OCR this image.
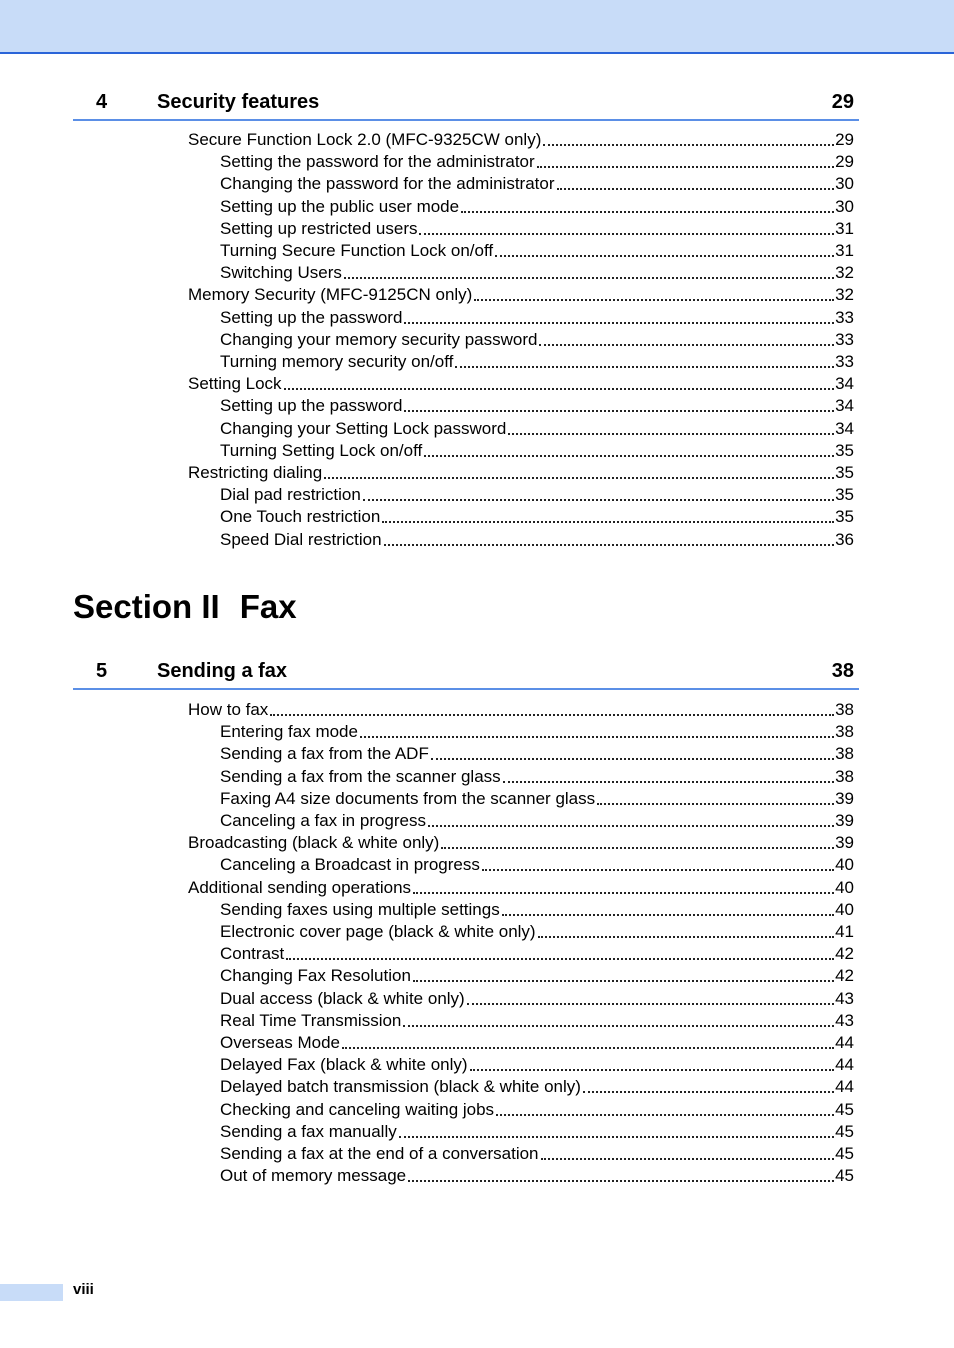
4 Security features	29
Secure Function Lock 2.0 (MFC-9325CW only)	29
Setting the password for the administrator	29
Changing the password for the administrator	30
Setting up the public user mode	30
Setting up restricted users	31
Turning Secure Function Lock on/off	31
Switching Users	32
Memory Security (MFC-9125CN only)	32
Setting up the password	33
Changing your memory security password	33
Turning memory security on/off	33
Setting Lock	34
Setting up the password	34
Changing your Setting Lock password	34
Turning Setting Lock on/off	35
Restricting dialing	35
Dial pad restriction	35
One Touch restriction	35
Speed Dial restriction	36
Section II Fax
5 Sending a fax	38
How to fax	38
Entering fax mode	38
Sending a fax from the ADF	38
Sending a fax from the scanner glass	38
Faxing A4 size documents from the scanner glass	39
Canceling a fax in progress	39
Broadcasting (black & white only)	39
Canceling a Broadcast in progress	40
Additional sending operations	40
Sending faxes using multiple settings	40
Electronic cover page (black & white only)	41
Contrast	42
Changing Fax Resolution	42
Dual access (black & white only)	43
Real Time Transmission	43
Overseas Mode	44
Delayed Fax (black & white only)	44
Delayed batch transmission (black & white only)	44
Checking and canceling waiting jobs	45
Sending a fax manually	45
Sending a fax at the end of a conversation	45
Out of memory message	45
viii
